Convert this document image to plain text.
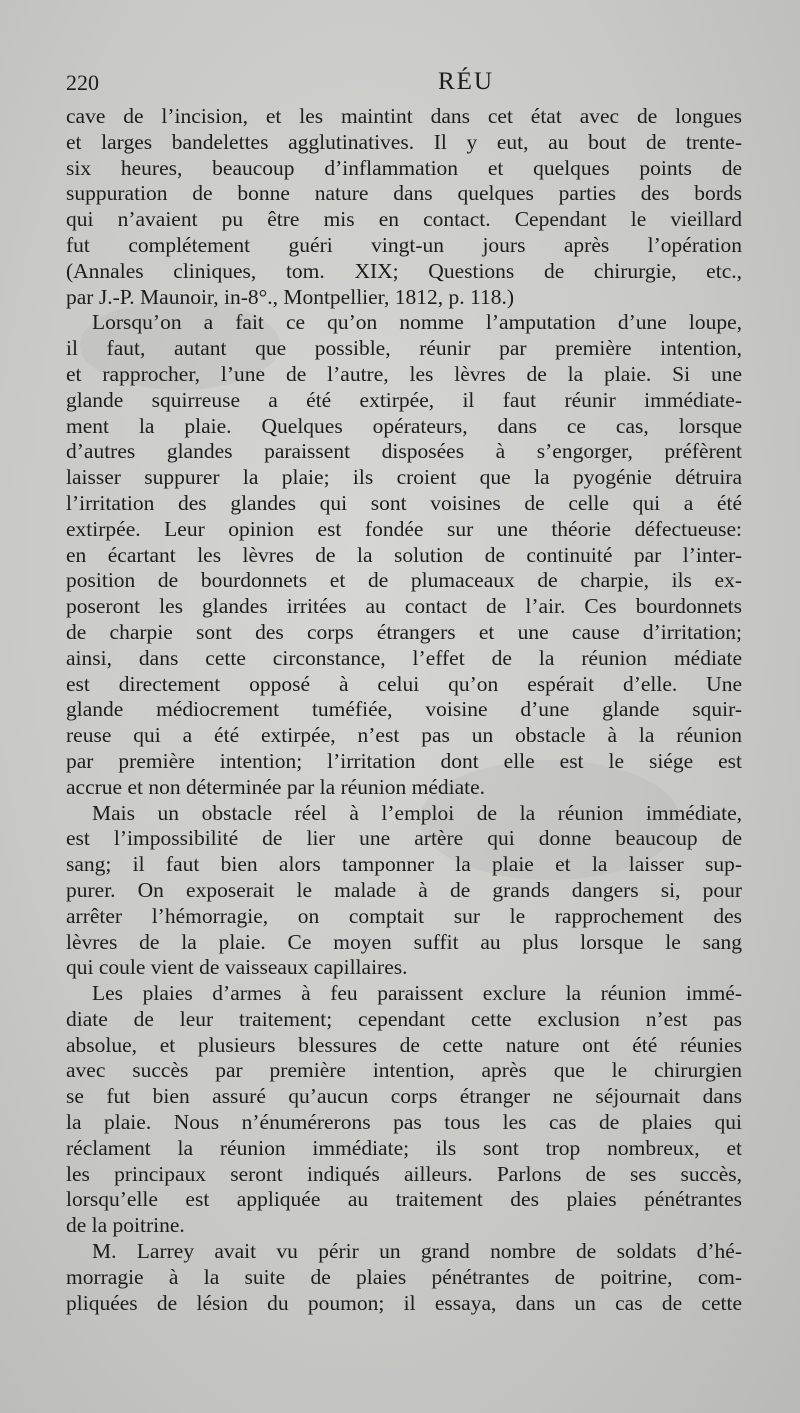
220	RÉU
cave de l’incision, et les maintint dans cet état avec de longues
et larges bandelettes agglutinatives. Il y eut, au bout de trente-
six heures, beaucoup d’inflammation et quelques points de
suppuration de bonne nature dans quelques parties des bords
qui n’avaient pu être mis en contact. Cependant le vieillard
fut complétement guéri vingt-un jours après l’opération
(Annales cliniques, tom. XIX; Questions de chirurgie, etc.,
par J.-P. Maunoir, in-8°., Montpellier, 1812, p. 118.)
Lorsqu’on a fait ce qu’on nomme l’amputation d’une loupe,
il faut, autant que possible, réunir par première intention,
et rapprocher, l’une de l’autre, les lèvres de la plaie. Si une
glande squirreuse a été extirpée, il faut réunir immédiate-
ment la plaie. Quelques opérateurs, dans ce cas, lorsque
d’autres glandes paraissent disposées à s’engorger, préfèrent
laisser suppurer la plaie; ils croient que la pyogénie détruira
l’irritation des glandes qui sont voisines de celle qui a été
extirpée. Leur opinion est fondée sur une théorie défectueuse:
en écartant les lèvres de la solution de continuité par l’inter-
position de bourdonnets et de plumaceaux de charpie, ils ex-
poseront les glandes irritées au contact de l’air. Ces bourdonnets
de charpie sont des corps étrangers et une cause d’irritation;
ainsi, dans cette circonstance, l’effet de la réunion médiate
est directement opposé à celui qu’on espérait d’elle. Une
glande médiocrement tuméfiée, voisine d’une glande squir-
reuse qui a été extirpée, n’est pas un obstacle à la réunion
par première intention; l’irritation dont elle est le siége est
accrue et non déterminée par la réunion médiate.
Mais un obstacle réel à l’emploi de la réunion immédiate,
est l’impossibilité de lier une artère qui donne beaucoup de
sang; il faut bien alors tamponner la plaie et la laisser sup-
purer. On exposerait le malade à de grands dangers si, pour
arrêter l’hémorragie, on comptait sur le rapprochement des
lèvres de la plaie. Ce moyen suffit au plus lorsque le sang
qui coule vient de vaisseaux capillaires.
Les plaies d’armes à feu paraissent exclure la réunion immé-
diate de leur traitement; cependant cette exclusion n’est pas
absolue, et plusieurs blessures de cette nature ont été réunies
avec succès par première intention, après que le chirurgien
se fut bien assuré qu’aucun corps étranger ne séjournait dans
la plaie. Nous n’énumérerons pas tous les cas de plaies qui
réclament la réunion immédiate; ils sont trop nombreux, et
les principaux seront indiqués ailleurs. Parlons de ses succès,
lorsqu’elle est appliquée au traitement des plaies pénétrantes
de la poitrine.
M. Larrey avait vu périr un grand nombre de soldats d’hé-
morragie à la suite de plaies pénétrantes de poitrine, com-
pliquées de lésion du poumon; il essaya, dans un cas de cette
